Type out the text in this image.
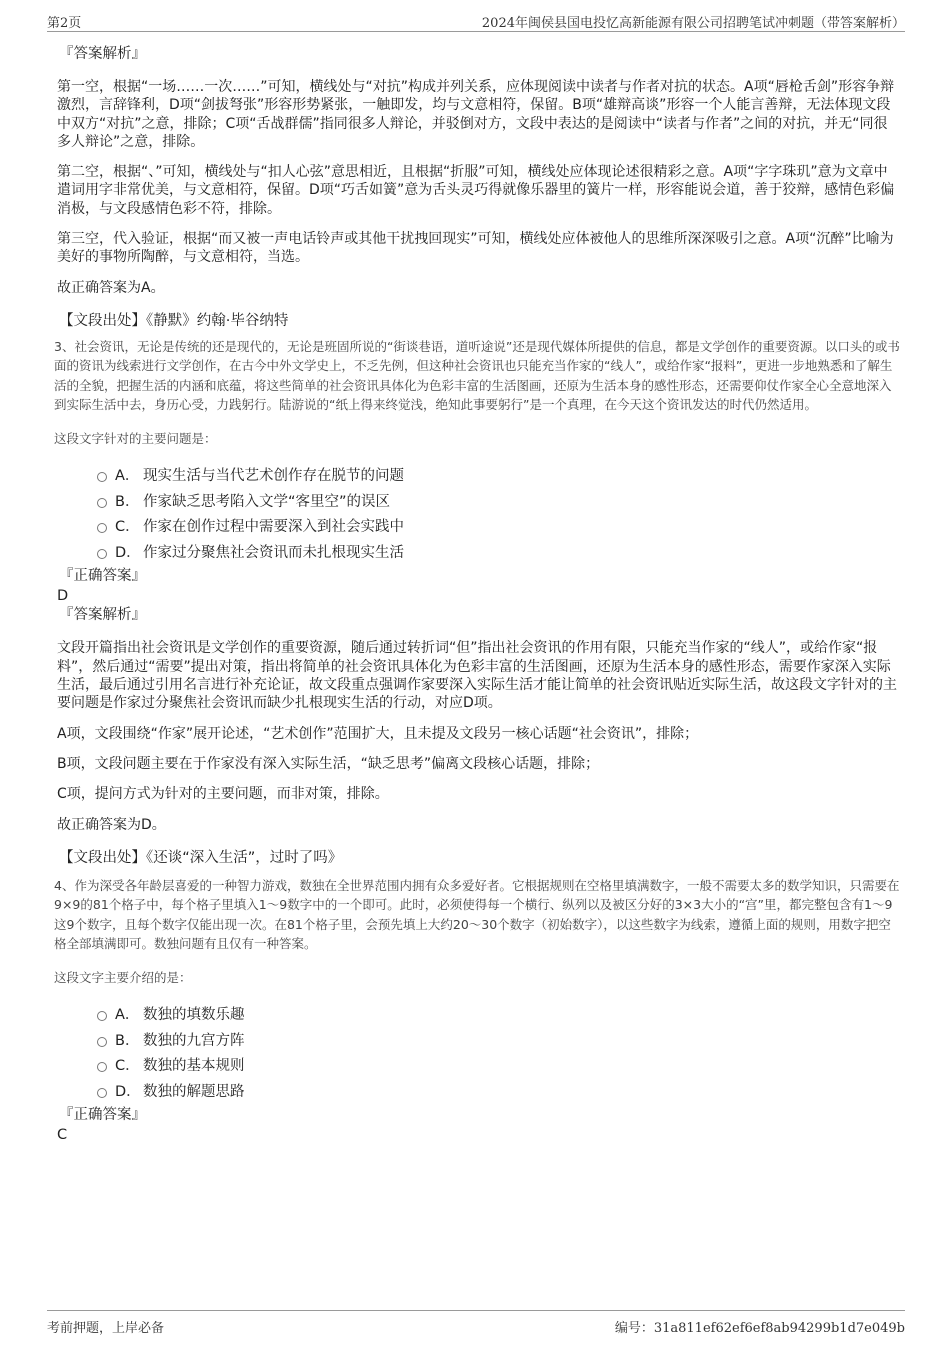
第2页	2024年闽侯县国电投忆高新能源有限公司招聘笔试冲刺题（带答案解析）
『答案解析』

第一空，根据“一场……一次……”可知，横线处与“对抗”构成并列关系，应体现阅读中读者与作者对抗的状态。A项“唇枪舌剑”形容争辩激烈，言辞锋利，D项“剑拔弩张”形容形势紧张，一触即发，均与文意相符，保留。B项“雄辩高谈”形容一个人能言善辩，无法体现文段中双方“对抗”之意，排除；C项“舌战群儒”指同很多人辩论，并驳倒对方，文段中表达的是阅读中“读者与作者”之间的对抗，并无“同很多人辩论”之意，排除。

第二空，根据“、”可知，横线处与“扣人心弦”意思相近，且根据“折服”可知，横线处应体现论述很精彩之意。A项“字字珠玑”意为文章中遣词用字非常优美，与文意相符，保留。D项“巧舌如簧”意为舌头灵巧得就像乐器里的簧片一样，形容能说会道，善于狡辩，感情色彩偏消极，与文段感情色彩不符，排除。

第三空，代入验证，根据“而又被一声电话铃声或其他干扰拽回现实”可知，横线处应体被他人的思维所深深吸引之意。A项“沉醉”比喻为美好的事物所陶醉，与文意相符，当选。

故正确答案为A。

【文段出处】《静默》约翰·毕谷纳特

3、社会资讯，无论是传统的还是现代的，无论是班固所说的“街谈巷语，道听途说”还是现代媒体所提供的信息，都是文学创作的重要资源。以口头的或书面的资讯为线索进行文学创作，在古今中外文学史上，不乏先例，但这种社会资讯也只能充当作家的“线人”，或给作家“报料”，更进一步地熟悉和了解生活的全貌，把握生活的内涵和底蕴，将这些简单的社会资讯具体化为色彩丰富的生活图画，还原为生活本身的感性形态，还需要仰仗作家全心全意地深入到实际生活中去，身历心受，力践躬行。陆游说的“纸上得来终觉浅，绝知此事要躬行”是一个真理，在今天这个资讯发达的时代仍然适用。

这段文字针对的主要问题是：

A． 现实生活与当代艺术创作存在脱节的问题
B． 作家缺乏思考陷入文学“客里空”的误区
C． 作家在创作过程中需要深入到社会实践中
D． 作家过分聚焦社会资讯而未扎根现实生活
『正确答案』
D
『答案解析』

文段开篇指出社会资讯是文学创作的重要资源，随后通过转折词“但”指出社会资讯的作用有限，只能充当作家的“线人”，或给作家“报料”，然后通过“需要”提出对策，指出将简单的社会资讯具体化为色彩丰富的生活图画，还原为生活本身的感性形态，需要作家深入实际生活，最后通过引用名言进行补充论证，故文段重点强调作家要深入实际生活才能让简单的社会资讯贴近实际生活，故这段文字针对的主要问题是作家过分聚焦社会资讯而缺少扎根现实生活的行动，对应D项。

A项，文段围绕“作家”展开论述，“艺术创作”范围扩大，且未提及文段另一核心话题“社会资讯”，排除；

B项，文段问题主要在于作家没有深入实际生活，“缺乏思考”偏离文段核心话题，排除；

C项，提问方式为针对的主要问题，而非对策，排除。

故正确答案为D。

【文段出处】《还谈“深入生活”，过时了吗》

4、作为深受各年龄层喜爱的一种智力游戏，数独在全世界范围内拥有众多爱好者。它根据规则在空格里填满数字，一般不需要太多的数学知识，只需要在9×9的81个格子中，每个格子里填入1～9数字中的一个即可。此时，必须使得每一个横行、纵列以及被区分好的3×3大小的“宫”里，都完整包含有1～9这9个数字，且每个数字仅能出现一次。在81个格子里，会预先填上大约20～30个数字（初始数字），以这些数字为线索，遵循上面的规则，用数字把空格全部填满即可。数独问题有且仅有一种答案。

这段文字主要介绍的是：

A． 数独的填数乐趣
B． 数独的九宫方阵
C． 数独的基本规则
D． 数独的解题思路
『正确答案』
C
考前押题，上岸必备	编号：31a811ef62ef6ef8ab94299b1d7e049b
